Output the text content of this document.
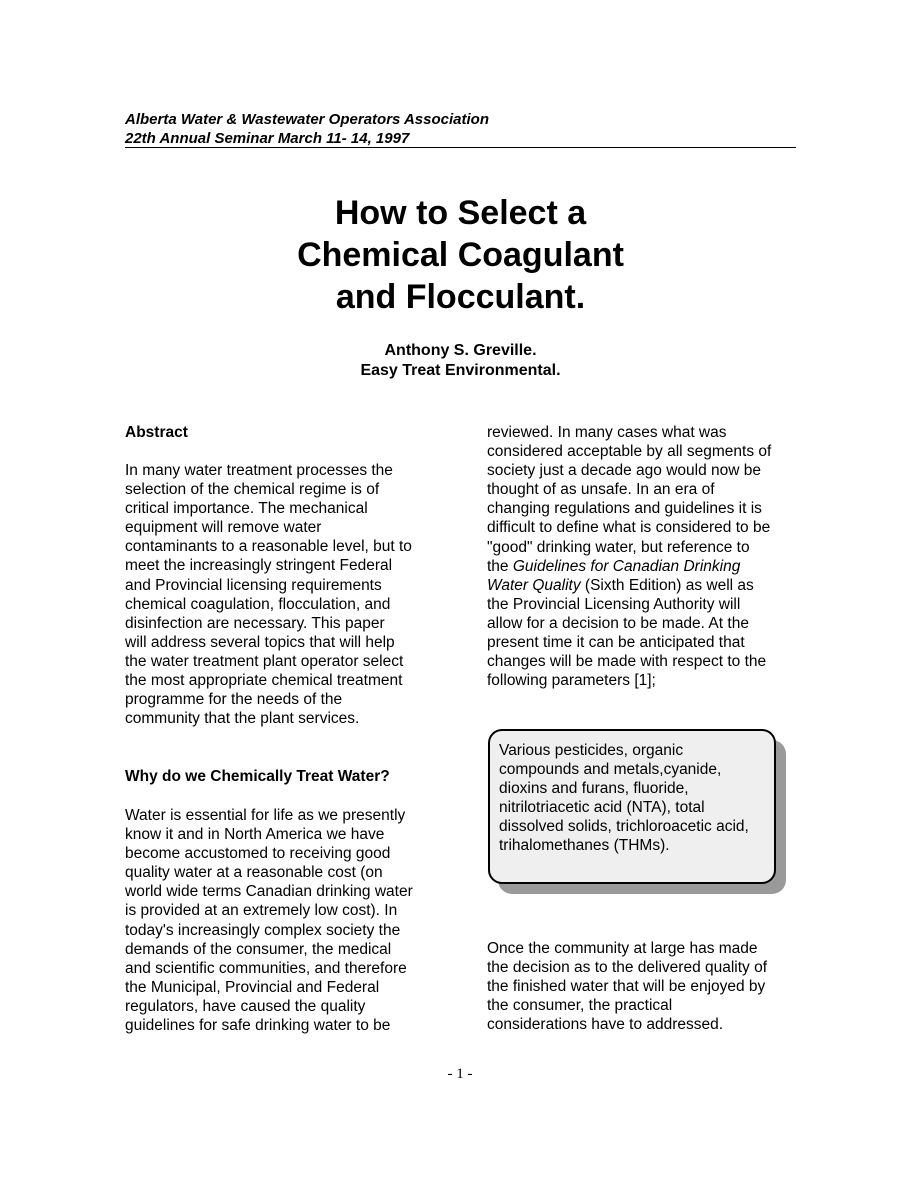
Alberta Water & Wastewater Operators Association
22th Annual Seminar March 11- 14, 1997
How to Select a
Chemical Coagulant
and Flocculant.
Anthony S. Greville.
Easy Treat Environmental.
Abstract
In many water treatment processes the
selection of the chemical regime is of
critical importance. The mechanical
equipment will remove water
contaminants to a reasonable level, but to
meet the increasingly stringent Federal
and Provincial licensing requirements
chemical coagulation, flocculation, and
disinfection are necessary. This paper
will address several topics that will help
the water treatment plant operator select
the most appropriate chemical treatment
programme for the needs of the
community that the plant services.
Why do we Chemically Treat Water?
Water is essential for life as we presently
know it and in North America we have
become accustomed to receiving good
quality water at a reasonable cost (on
world wide terms Canadian drinking water
is provided at an extremely low cost). In
today's increasingly complex society the
demands of the consumer, the medical
and scientific communities, and therefore
the Municipal, Provincial and Federal
regulators, have caused the quality
guidelines for safe drinking water to be
reviewed. In many cases what was
considered acceptable by all segments of
society just a decade ago would now be
thought of as unsafe. In an era of
changing regulations and guidelines it is
difficult to define what is considered to be
"good" drinking water, but reference to
the Guidelines for Canadian Drinking
Water Quality (Sixth Edition) as well as
the Provincial Licensing Authority will
allow for a decision to be made. At the
present time it can be anticipated that
changes will be made with respect to the
following parameters [1];
Various pesticides, organic
compounds and metals,cyanide,
dioxins and furans, fluoride,
nitrilotriacetic acid (NTA), total
dissolved solids, trichloroacetic acid,
trihalomethanes (THMs).
Once the community at large has made
the decision as to the delivered quality of
the finished water that will be enjoyed by
the consumer, the practical
considerations have to addressed.
- 1 -
